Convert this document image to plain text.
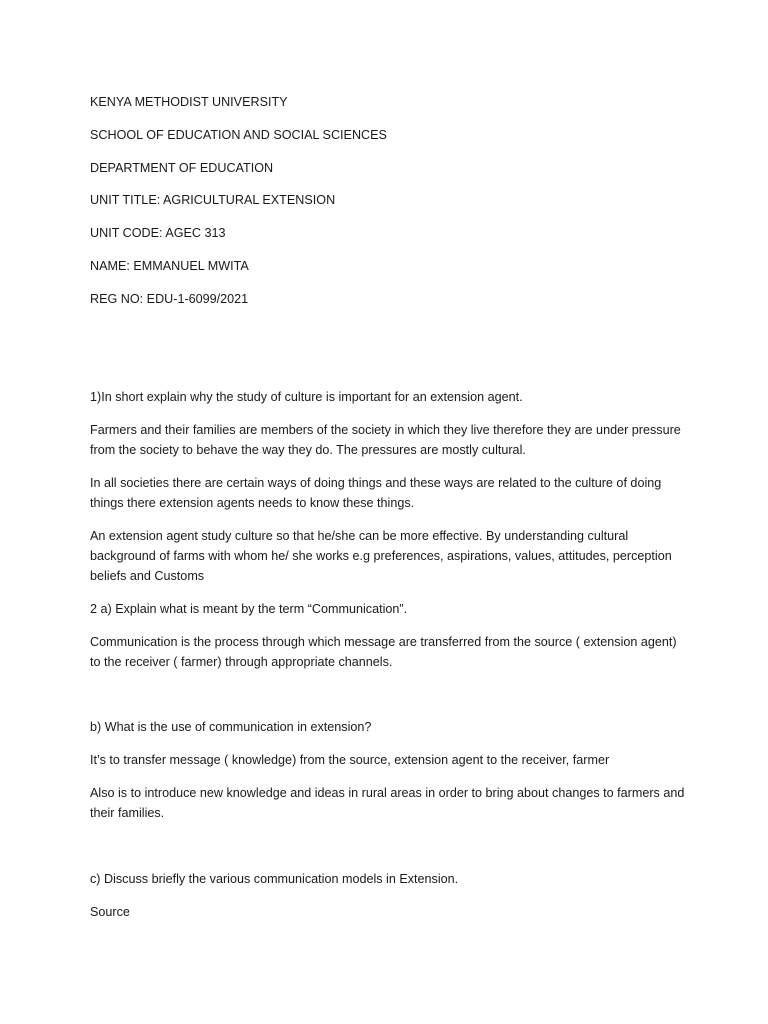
KENYA METHODIST UNIVERSITY

SCHOOL OF EDUCATION AND SOCIAL SCIENCES

DEPARTMENT OF EDUCATION

UNIT TITLE: AGRICULTURAL EXTENSION

UNIT CODE: AGEC 313

NAME: EMMANUEL MWITA

REG NO: EDU-1-6099/2021

1)In short explain why the study of culture is important for an extension agent.

Farmers and their families are members of the society in which they live therefore they are under pressure from the society to behave the way they do. The pressures are mostly cultural.

In all societies there are certain ways of doing things and these ways are related to the culture of doing things there extension agents needs to know these things.

An extension agent study culture so that he/she can be more effective. By understanding cultural background of farms with whom he/ she works e.g preferences, aspirations, values, attitudes, perception beliefs and Customs

2 a) Explain what is meant by the term “Communication”.

Communication is the process through which message are transferred from the source ( extension agent) to the receiver ( farmer) through appropriate channels.

b) What is the use of communication in extension?

It’s to transfer message ( knowledge) from the source, extension agent to the receiver, farmer

Also is to introduce new knowledge and ideas in rural areas in order to bring about changes to farmers and their families.

c) Discuss briefly the various communication models in Extension.

Source
